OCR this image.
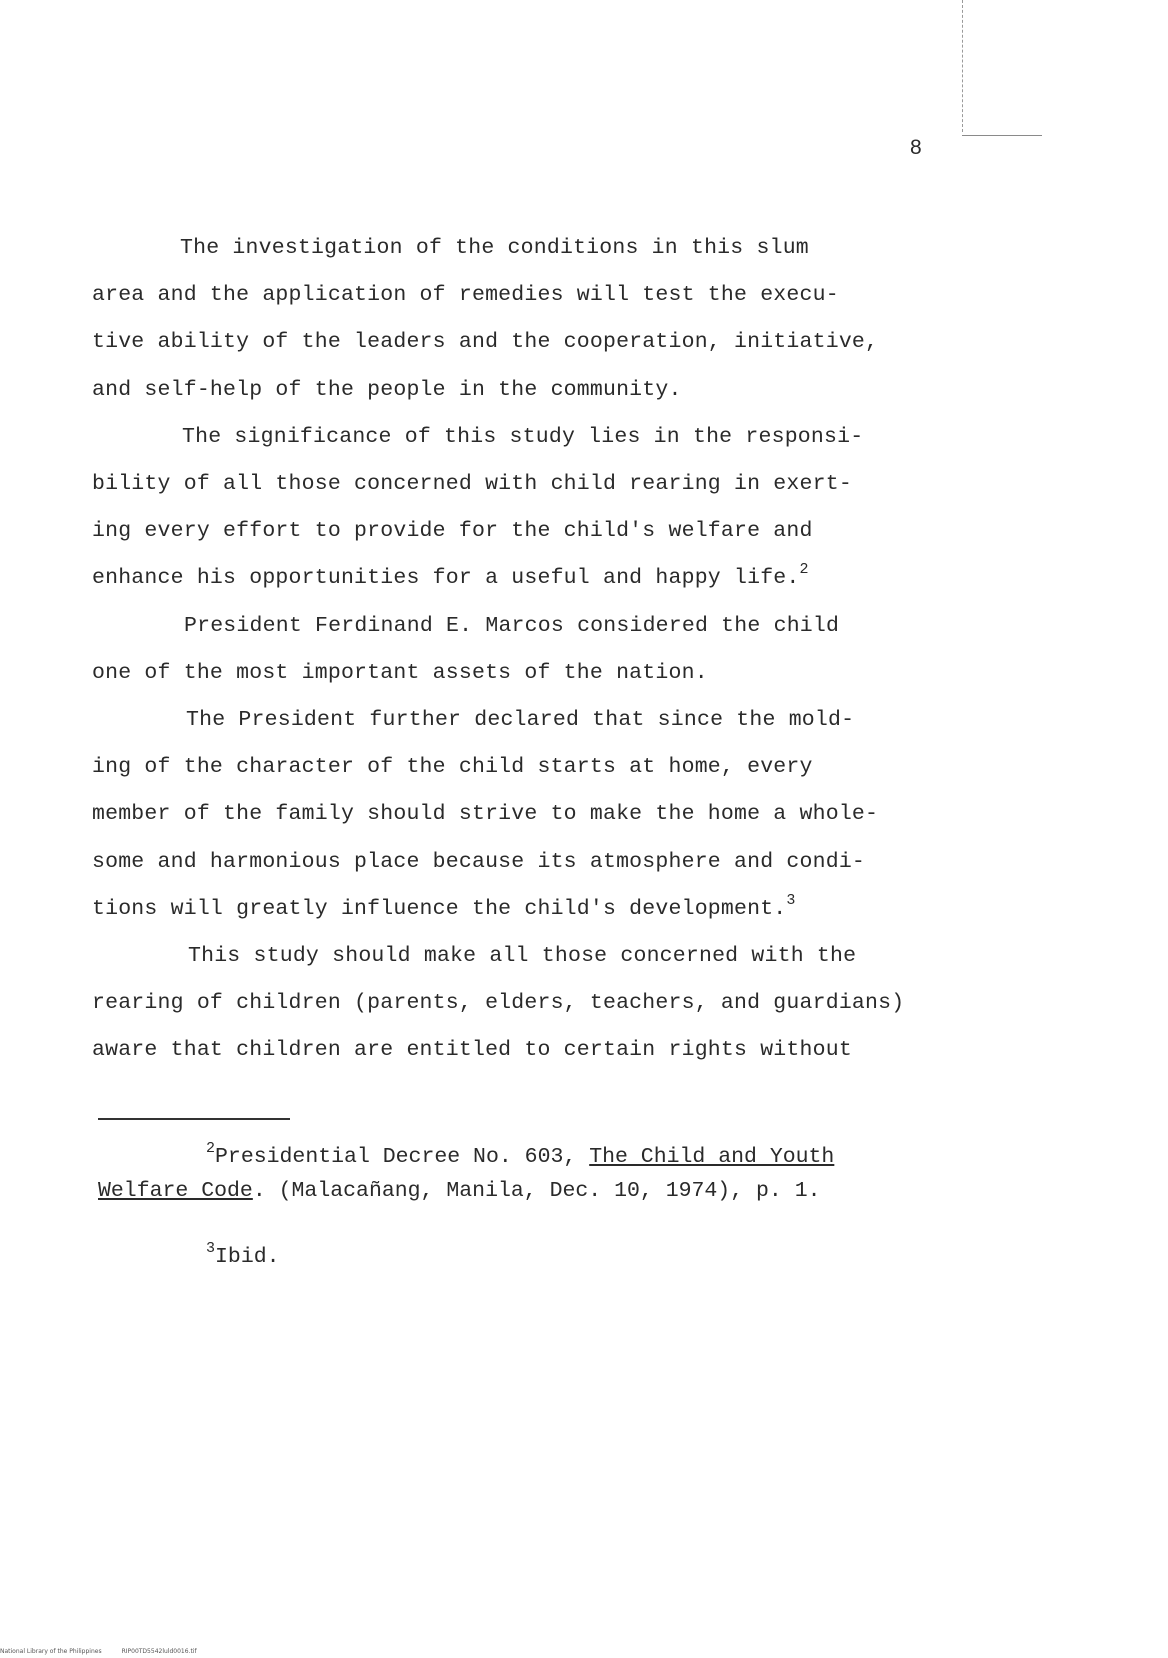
8

The investigation of the conditions in this slum
area and the application of remedies will test the execu-
tive ability of the leaders and the cooperation, initiative,
and self-help of the people in the community.

The significance of this study lies in the responsi-
bility of all those concerned with child rearing in exert-
ing every effort to provide for the child's welfare and
enhance his opportunities for a useful and happy life.$^2$

President Ferdinand E. Marcos considered the child
one of the most important assets of the nation.

The President further declared that since the mold-
ing of the character of the child starts at home, every
member of the family should strive to make the home a whole-
some and harmonious place because its atmosphere and condi-
tions will greatly influence the child's development.$^3$

This study should make all those concerned with the
rearing of children (parents, elders, teachers, and guardians)
aware that children are entitled to certain rights without

$^2$Presidential Decree No. 603, The Child and Youth

Welfare Code. (Malacañang, Manila, Dec. 10, 1974), p. 1.

$^3$Ibid.

National Library of the Philippines	RIP00TD5542luld0016.tif
